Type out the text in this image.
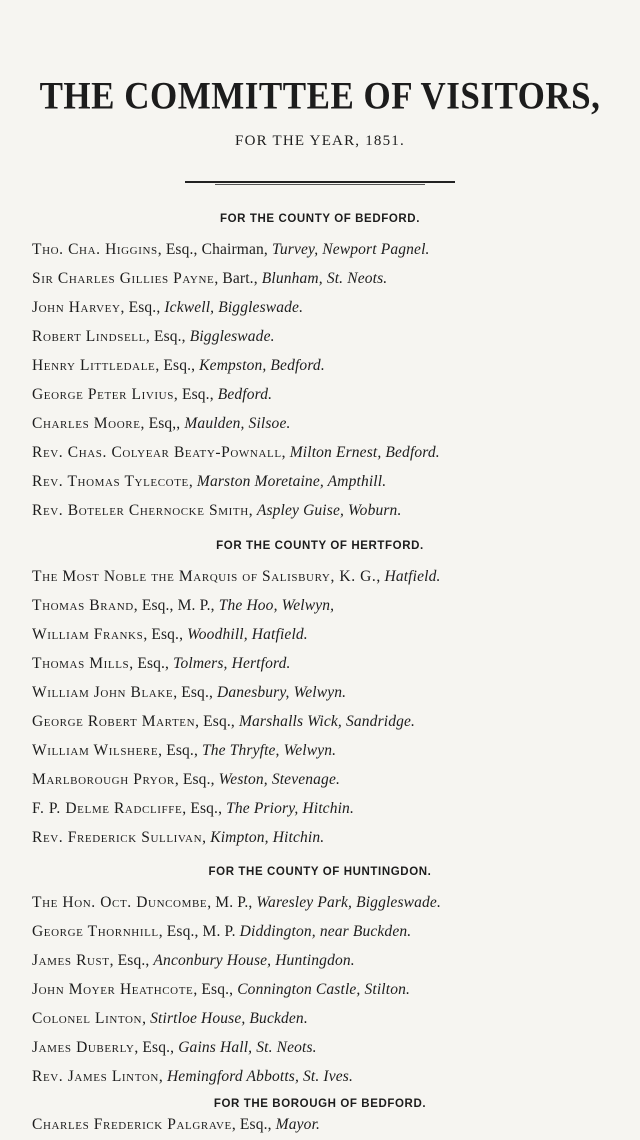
THE COMMITTEE OF VISITORS,
FOR THE YEAR, 1851.
FOR THE COUNTY OF BEDFORD.
Tho. Cha. Higgins, Esq., Chairman, Turvey, Newport Pagnel.
Sir Charles Gillies Payne, Bart., Blunham, St. Neots.
John Harvey, Esq., Ickwell, Biggleswade.
Robert Lindsell, Esq., Biggleswade.
Henry Littledale, Esq., Kempston, Bedford.
George Peter Livius, Esq., Bedford.
Charles Moore, Esq,, Maulden, Silsoe.
Rev. Chas. Colyear Beaty-Pownall, Milton Ernest, Bedford.
Rev. Thomas Tylecote, Marston Moretaine, Ampthill.
Rev. Boteler Chernocke Smith, Aspley Guise, Woburn.
FOR THE COUNTY OF HERTFORD.
The Most Noble the Marquis of Salisbury, K. G., Hatfield.
Thomas Brand, Esq., M. P., The Hoo, Welwyn,
William Franks, Esq., Woodhill, Hatfield.
Thomas Mills, Esq., Tolmers, Hertford.
William John Blake, Esq., Danesbury, Welwyn.
George Robert Marten, Esq., Marshalls Wick, Sandridge.
William Wilshere, Esq., The Thryfte, Welwyn.
Marlborough Pryor, Esq., Weston, Stevenage.
F. P. Delme Radcliffe, Esq., The Priory, Hitchin.
Rev. Frederick Sullivan, Kimpton, Hitchin.
FOR THE COUNTY OF HUNTINGDON.
The Hon. Oct. Duncombe, M. P., Waresley Park, Biggleswade.
George Thornhill, Esq., M. P. Diddington, near Buckden.
James Rust, Esq., Anconbury House, Huntingdon.
John Moyer Heathcote, Esq., Connington Castle, Stilton.
Colonel Linton, Stirtloe House, Buckden.
James Duberly, Esq., Gains Hall, St. Neots.
Rev. James Linton, Hemingford Abbotts, St. Ives.
FOR THE BOROUGH OF BEDFORD.
Charles Frederick Palgrave, Esq., Mayor.
